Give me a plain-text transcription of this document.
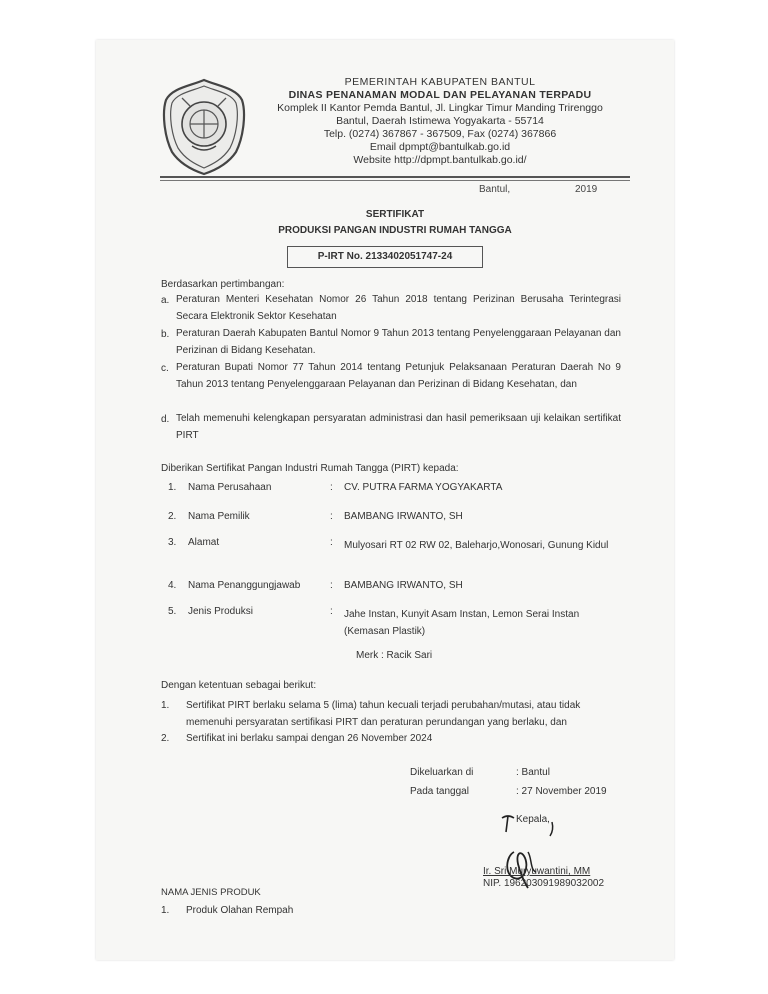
PEMERINTAH KABUPATEN BANTUL
DINAS PENANAMAN MODAL DAN PELAYANAN TERPADU
Komplek II Kantor Pemda Bantul, Jl. Lingkar Timur Manding Trirenggo
Bantul, Daerah Istimewa Yogyakarta - 55714
Telp. (0274) 367867 - 367509, Fax (0274) 367866
Email dpmpt@bantulkab.go.id
Website http://dpmpt.bantulkab.go.id/
Bantul,	2019
SERTIFIKAT
PRODUKSI PANGAN INDUSTRI RUMAH TANGGA
P-IRT No. 2133402051747-24
Berdasarkan pertimbangan:
a. Peraturan Menteri Kesehatan Nomor 26 Tahun 2018 tentang Perizinan Berusaha Terintegrasi Secara Elektronik Sektor Kesehatan
b. Peraturan Daerah Kabupaten Bantul Nomor 9 Tahun 2013 tentang Penyelenggaraan Pelayanan dan Perizinan di Bidang Kesehatan.
c. Peraturan Bupati Nomor 77 Tahun 2014 tentang Petunjuk Pelaksanaan Peraturan Daerah No 9 Tahun 2013 tentang Penyelenggaraan Pelayanan dan Perizinan di Bidang Kesehatan, dan
d. Telah memenuhi kelengkapan persyaratan administrasi dan hasil pemeriksaan uji kelaikan sertifikat PIRT
Diberikan Sertifikat Pangan Industri Rumah Tangga (PIRT) kepada:
1. Nama Perusahaan	: CV. PUTRA FARMA YOGYAKARTA
2. Nama Pemilik	: BAMBANG IRWANTO, SH
3. Alamat	: Mulyosari RT 02 RW 02, Baleharjo,Wonosari, Gunung Kidul
4. Nama Penanggungjawab	: BAMBANG IRWANTO, SH
5. Jenis Produksi	: Jahe Instan, Kunyit Asam Instan, Lemon Serai Instan (Kemasan Plastik)
Merk : Racik Sari
Dengan ketentuan sebagai berikut:
1. Sertifikat PIRT berlaku selama 5 (lima) tahun kecuali terjadi perubahan/mutasi, atau tidak memenuhi persyaratan sertifikasi PIRT dan peraturan perundangan yang berlaku, dan
2. Sertifikat ini berlaku sampai dengan 26 November 2024
Dikeluarkan di	: Bantul
Pada tanggal	: 27 November 2019
Kepala,
Ir. Sri Muryuwantini, MM
NIP. 196203091989032002
NAMA JENIS PRODUK
1. Produk Olahan Rempah
